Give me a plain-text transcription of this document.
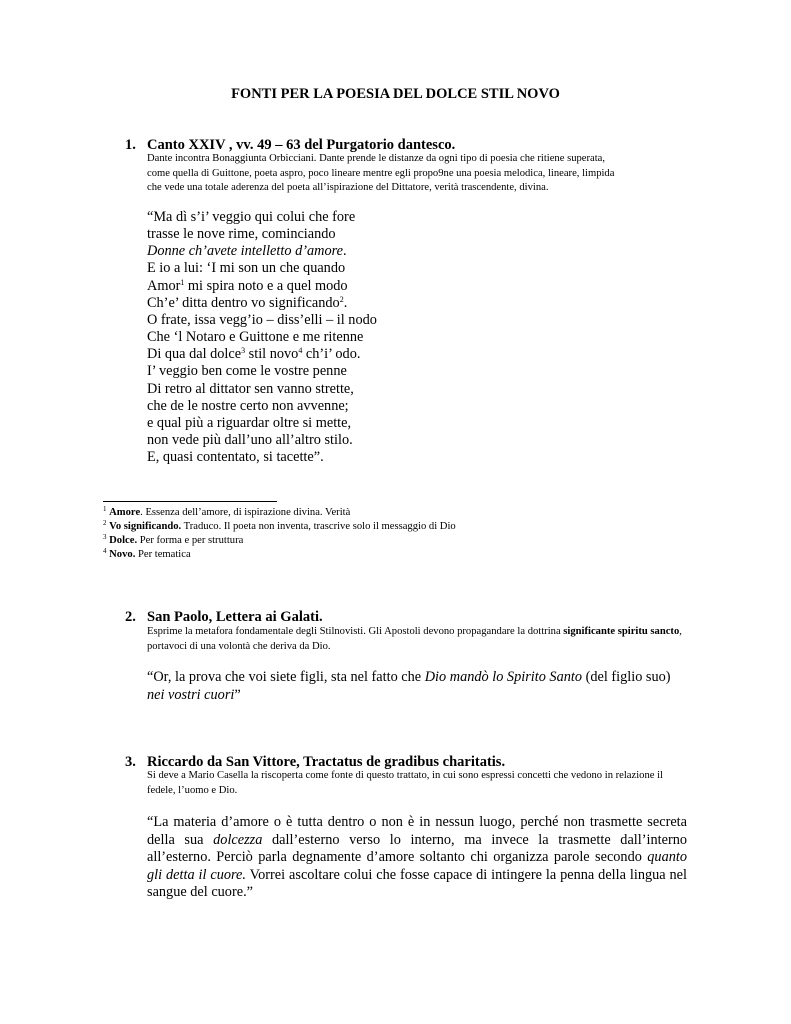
FONTI PER LA POESIA DEL DOLCE STIL NOVO
1. Canto XXIV , vv. 49 – 63 del Purgatorio dantesco.
Dante incontra Bonaggiunta Orbicciani. Dante prende le distanze da ogni tipo di poesia che ritiene superata,
come quella di Guittone, poeta aspro, poco lineare mentre egli propo9ne una poesia melodica, lineare, limpida
che vede una totale aderenza del poeta all’ispirazione del Dittatore, verità trascendente, divina.
“Ma dì s’i’ veggio qui colui che fore
trasse le nove rime, cominciando
Donne ch’avete intelletto d’amore.
E io a lui: ‘I mi son un che quando
Amor$^1$ mi spira noto e a quel modo
Ch’e’ ditta dentro vo significando$^2$.
O frate, issa vegg’io – diss’elli – il nodo
Che ‘l Notaro e Guittone e me ritenne
Di qua dal dolce$^3$ stil novo$^4$ ch’i’ odo.
I’ veggio ben come le vostre penne
Di retro al dittator sen vanno strette,
che de le nostre certo non avvenne;
e qual più a riguardar oltre si mette,
non vede più dall’uno all’altro stilo.
E, quasi contentato, si tacette”.
$^1$ Amore. Essenza dell’amore, di ispirazione divina. Verità
$^2$ Vo significando. Traduco. Il poeta non inventa, trascrive solo il messaggio di Dio
$^3$ Dolce. Per forma e per struttura
$^4$ Novo. Per tematica
2. San Paolo, Lettera ai Galati.
Esprime la metafora fondamentale degli Stilnovisti. Gli Apostoli devono propagandare la dottrina significante spiritu sancto, portavoci di una volontà che deriva da Dio.
“Or, la prova che voi siete figli, sta nel fatto che Dio mandò lo Spirito Santo (del figlio suo) nei vostri cuori”
3. Riccardo da San Vittore, Tractatus de gradibus charitatis.
Si deve a Mario Casella la riscoperta come fonte di questo trattato, in cui sono espressi concetti che vedono in relazione il fedele, l’uomo e Dio.
“La materia d’amore o è tutta dentro o non è in nessun luogo, perché non trasmette secreta della sua dolcezza dall’esterno verso lo interno, ma invece la trasmette dall’interno all’esterno. Perciò parla degnamente d’amore soltanto chi organizza parole secondo quanto gli detta il cuore. Vorrei ascoltare colui che fosse capace di intingere la penna della lingua nel sangue del cuore.”
